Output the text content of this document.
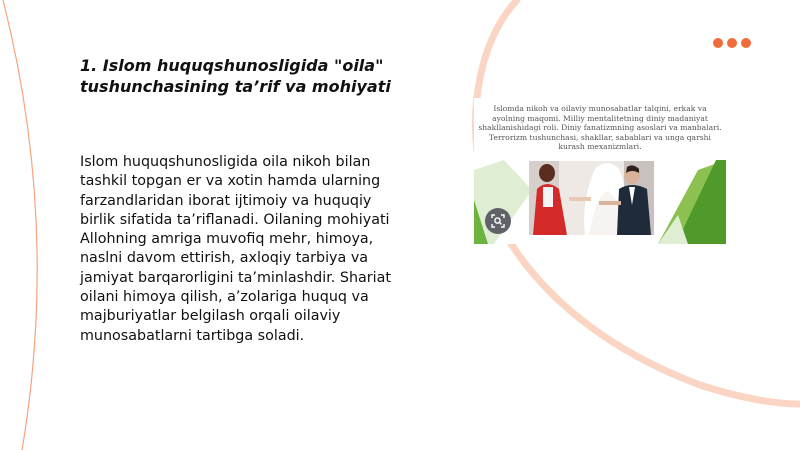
1. Islom huquqshunosligida "oila" tushunchasining ta’rif va mohiyati
Islom huquqshunosligida oila nikoh bilan tashkil topgan er va xotin hamda ularning farzandlaridan iborat ijtimoiy va huquqiy birlik sifatida ta’riflanadi. Oilaning mohiyati Allohning amriga muvofiq mehr, himoya, naslni davom ettirish, axloqiy tarbiya va jamiyat barqarorligini ta’minlashdir. Shariat oilani himoya qilish, a’zolariga huquq va majburiyatlar belgilash orqali oilaviy munosabatlarni tartibga soladi.
Islomda nikoh va oilaviy munosabatlar talqini, erkak va ayolning maqomi. Milliy mentalitetning diniy madaniyat shakllanishidagi roli. Diniy fanatizmning asoslari va manbalari. Terrorizm tushunchasi, shakllar, sabablari va unga qarshi kurash mexanizmlari.
